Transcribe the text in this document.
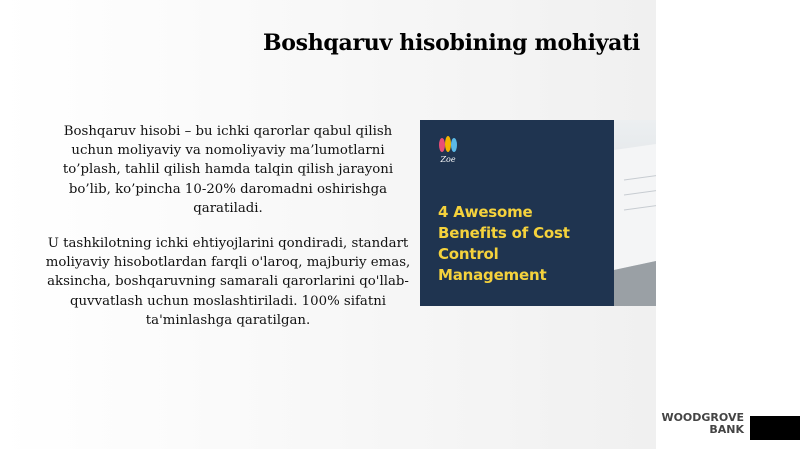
Boshqaruv hisobining mohiyati

Boshqaruv hisobi – bu ichki qarorlar qabul qilish uchun moliyaviy va nomoliyaviy ma’lumotlarni to’plash, tahlil qilish hamda talqin qilish jarayoni bo’lib, ko’pincha 10-20% daromadni oshirishga qaratiladi.

U tashkilotning ichki ehtiyojlarini qondiradi, standart moliyaviy hisobotlardan farqli o'laroq, majburiy emas, aksincha, boshqaruvning samarali qarorlarini qo'llab-quvvatlash uchun moslashtiriladi. 100% sifatni ta'minlashga qaratilgan.

Zoe
4 Awesome
Benefits of Cost
Control
Management
WOODGROVE
BANK
